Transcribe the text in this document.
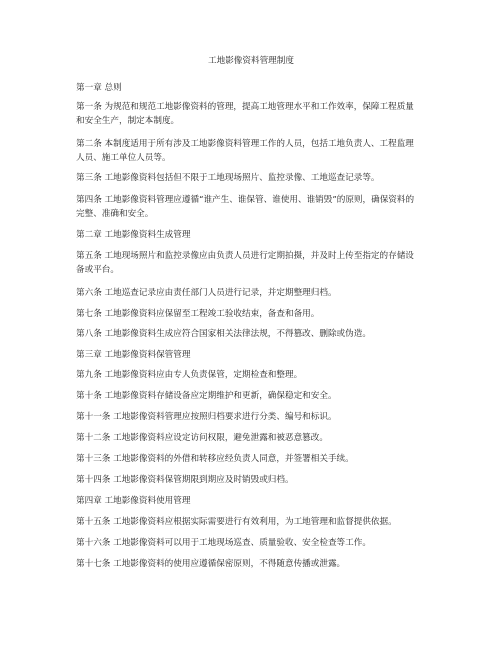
工地影像资料管理制度
第一章 总则
第一条 为规范和规范工地影像资料的管理，提高工地管理水平和工作效率，保障工程质量
和安全生产，制定本制度。
第二条 本制度适用于所有涉及工地影像资料管理工作的人员，包括工地负责人、工程监理
人员、施工单位人员等。
第三条 工地影像资料包括但不限于工地现场照片、监控录像、工地巡查记录等。
第四条 工地影像资料管理应遵循“谁产生、谁保管、谁使用、谁销毁”的原则，确保资料的
完整、准确和安全。
第二章 工地影像资料生成管理
第五条 工地现场照片和监控录像应由负责人员进行定期拍摄，并及时上传至指定的存储设
备或平台。
第六条 工地巡查记录应由责任部门人员进行记录，并定期整理归档。
第七条 工地影像资料应保留至工程竣工验收结束，备查和备用。
第八条 工地影像资料生成应符合国家相关法律法规，不得篡改、删除或伪造。
第三章 工地影像资料保管管理
第九条 工地影像资料应由专人负责保管，定期检查和整理。
第十条 工地影像资料存储设备应定期维护和更新，确保稳定和安全。
第十一条 工地影像资料管理应按照归档要求进行分类、编号和标识。
第十二条 工地影像资料应设定访问权限，避免泄露和被恶意篡改。
第十三条 工地影像资料的外借和转移应经负责人同意，并签署相关手续。
第十四条 工地影像资料保管期限到期应及时销毁或归档。
第四章 工地影像资料使用管理
第十五条 工地影像资料应根据实际需要进行有效利用，为工地管理和监督提供依据。
第十六条 工地影像资料可以用于工地现场巡查、质量验收、安全检查等工作。
第十七条 工地影像资料的使用应遵循保密原则，不得随意传播或泄露。
